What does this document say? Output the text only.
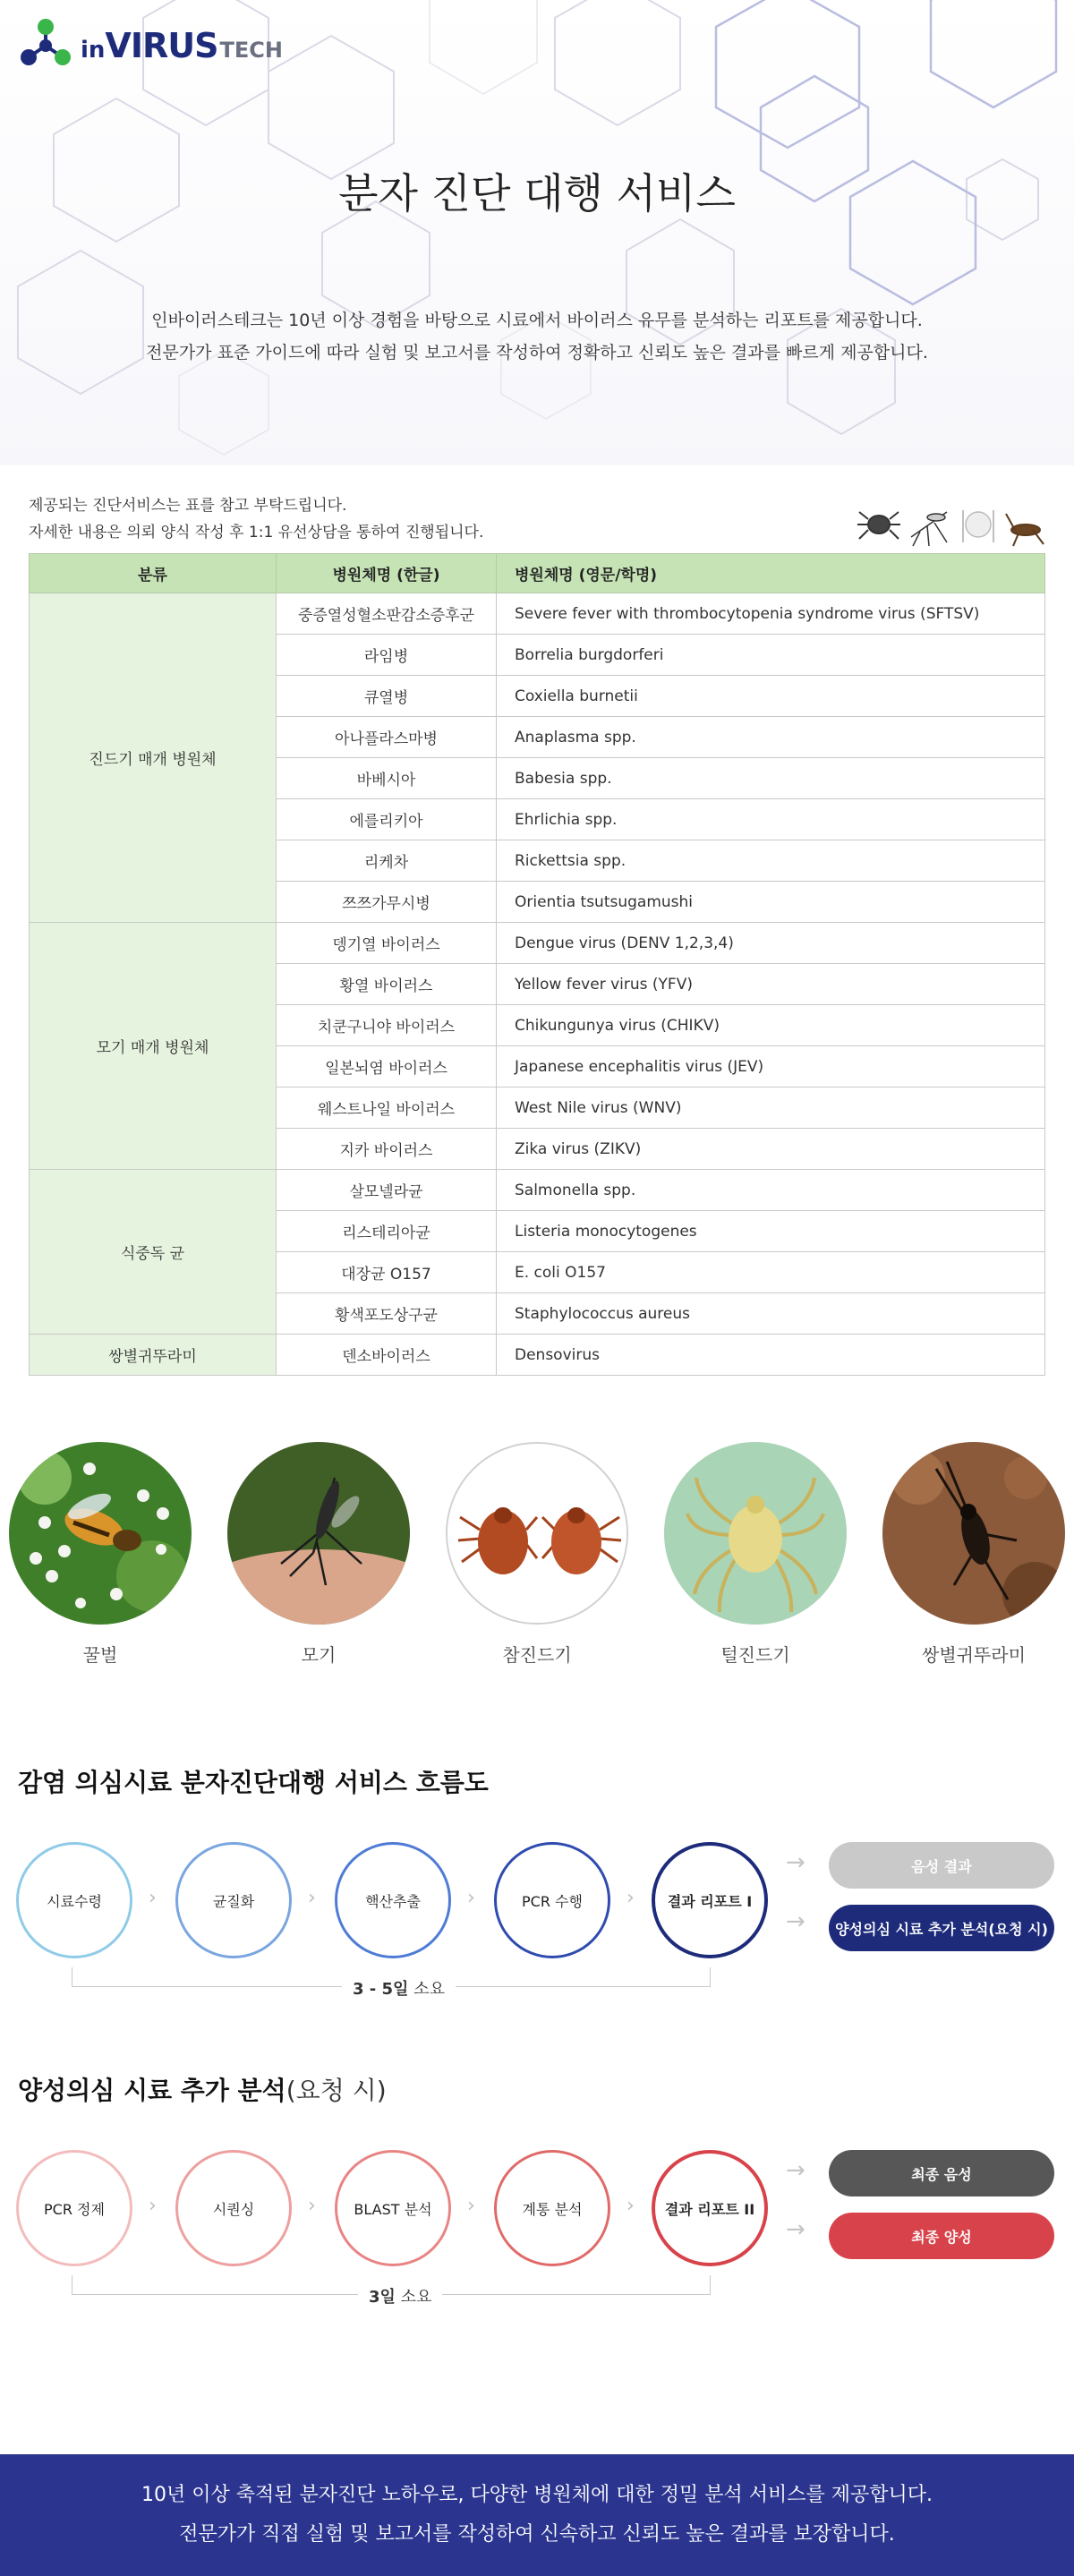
in VIRUS TECH
분자 진단 대행 서비스
인바이러스테크는 10년 이상 경험을 바탕으로 시료에서 바이러스 유무를 분석하는 리포트를 제공합니다.
전문가가 표준 가이드에 따라 실험 및 보고서를 작성하여 정확하고 신뢰도 높은 결과를 빠르게 제공합니다.
제공되는 진단서비스는 표를 참고 부탁드립니다.
자세한 내용은 의뢰 양식 작성 후 1:1 유선상담을 통하여 진행됩니다.
분류	병원체명 (한글)	병원체명 (영문/학명)
진드기 매개 병원체	중증열성혈소판감소증후군	Severe fever with thrombocytopenia syndrome virus (SFTSV)
	라임병	Borrelia burgdorferi
	큐열병	Coxiella burnetii
	아나플라스마병	Anaplasma spp.
	바베시아	Babesia spp.
	에를리키아	Ehrlichia spp.
	리케차	Rickettsia spp.
	쯔쯔가무시병	Orientia tsutsugamushi
모기 매개 병원체	뎅기열 바이러스	Dengue virus (DENV 1,2,3,4)
	황열 바이러스	Yellow fever virus (YFV)
	치쿤구니야 바이러스	Chikungunya virus (CHIKV)
	일본뇌염 바이러스	Japanese encephalitis virus (JEV)
	웨스트나일 바이러스	West Nile virus (WNV)
	지카 바이러스	Zika virus (ZIKV)
식중독 균	살모넬라균	Salmonella spp.
	리스테리아균	Listeria monocytogenes
	대장균 O157	E. coli O157
	황색포도상구균	Staphylococcus aureus
쌍별귀뚜라미	덴소바이러스	Densovirus
꿀벌	모기	참진드기	털진드기	쌍별귀뚜라미
감염 의심시료 분자진단대행 서비스 흐름도
시료수령	›	균질화	›	핵산추출	›	PCR 수행	›	결과 리포트 I
→
→
음성 결과
양성의심 시료 추가 분석(요청 시)
3 - 5일 소요
양성의심 시료 추가 분석(요청 시)
PCR 정제	›	시퀀싱	›	BLAST 분석	›	계통 분석	›	결과 리포트 II
→
→
최종 음성
최종 양성
3일 소요
10년 이상 축적된 분자진단 노하우로, 다양한 병원체에 대한 정밀 분석 서비스를 제공합니다.
전문가가 직접 실험 및 보고서를 작성하여 신속하고 신뢰도 높은 결과를 보장합니다.
